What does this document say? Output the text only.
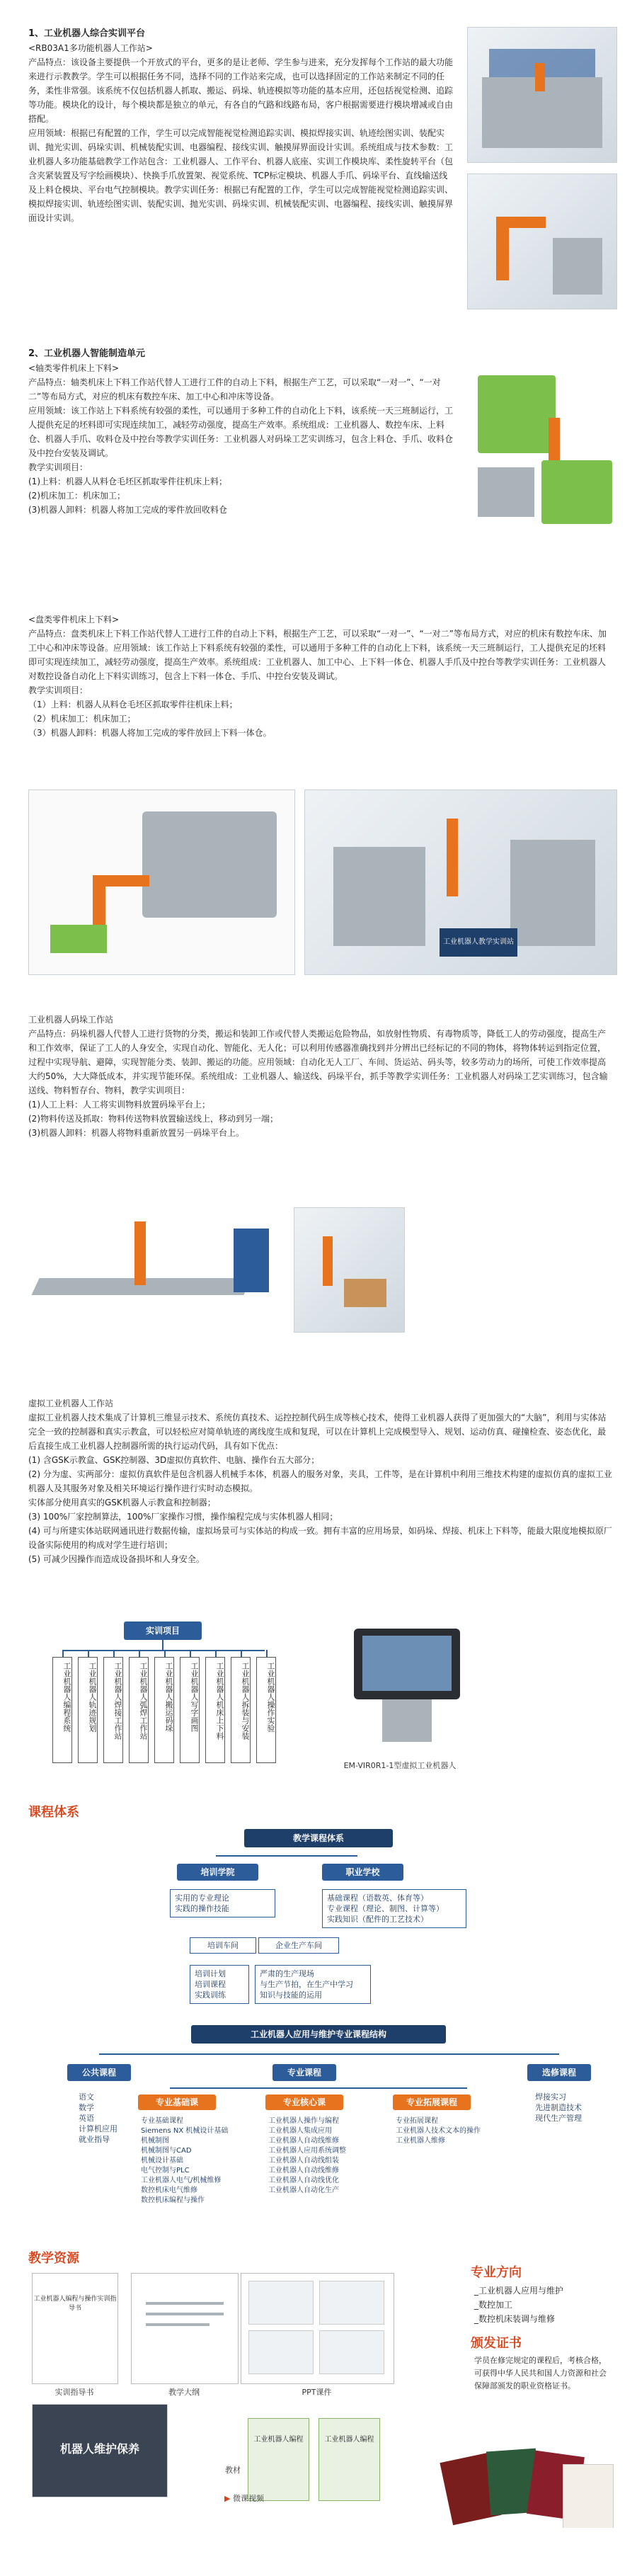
1、工业机器人综合实训平台

<RB03A1多功能机器人工作站>

产品特点：该设备主要提供一个开放式的平台，更多的是让老师、学生参与进来，充分发挥每个工作站的最大功能来进行示教教学。学生可以根据任务不同，选择不同的工作站来完成，也可以选择固定的工作站来制定不同的任务，柔性非常强。该系统不仅包括机器人抓取、搬运、码垛、轨迹模拟等功能的基本应用，还包括视觉检测、追踪等功能。模块化的设计，每个模块都是独立的单元，有各自的气路和线路布局，客户根据需要进行模块增减或自由搭配。

应用领域：根据已有配置的工作，学生可以完成智能视觉检测追踪实训、模拟焊接实训、轨迹绘图实训、装配实训、抛光实训、码垛实训、机械装配实训、电器编程、接线实训、触摸屏界面设计实训。系统组成与技术参数：工业机器人多功能基础教学工作站包含：工业机器人、工作平台、机器人底座、实训工作模块库、柔性旋转平台（包含夹紧装置及写字绘画模块）、快换手爪放置架、视觉系统、TCP标定模块、机器人手爪、码垛平台、直线输送线及上料仓模块、平台电气控制模块。教学实训任务：根据已有配置的工作，学生可以完成智能视觉检测追踪实训、模拟焊接实训、轨迹绘图实训、装配实训、抛光实训、码垛实训、机械装配实训、电器编程、接线实训、触摸屏界面设计实训。

2、工业机器人智能制造单元

<轴类零件机床上下料>

产品特点：轴类机床上下料工作站代替人工进行工件的自动上下料，根据生产工艺，可以采取“一对一”、“一对二”等布局方式，对应的机床有数控车床、加工中心和冲床等设备。

应用领域：该工作站上下料系统有较强的柔性，可以通用于多种工件的自动化上下料，该系统一天三班制运行，工人提供充足的坯料即可实现连续加工，减轻劳动强度，提高生产效率。系统组成：工业机器人、数控车床、上料仓、机器人手爪、收料仓及中控台等教学实训任务：工业机器人对码垛工艺实训练习，包含上料仓、手爪、收料仓及中控台安装及调试。

教学实训项目：

(1)上料：机器人从料仓毛坯区抓取零件往机床上料；

(2)机床加工：机床加工；

(3)机器人卸料：机器人将加工完成的零件放回收料仓

<盘类零件机床上下料>

产品特点：盘类机床上下料工作站代替人工进行工件的自动上下料，根据生产工艺，可以采取“一对一”、“一对二”等布局方式，对应的机床有数控车床、加工中心和冲床等设备。应用领域：该工作站上下料系统有较强的柔性，可以通用于多种工件的自动化上下料，该系统一天三班制运行，工人提供充足的坯料即可实现连续加工，减轻劳动强度，提高生产效率。系统组成：工业机器人、加工中心、上下料一体仓、机器人手爪及中控台等教学实训任务：工业机器人对数控设备自动化上下料实训练习，包含上下料一体仓、手爪、中控台安装及调试。

教学实训项目：

（1）上料：机器人从料仓毛坯区抓取零件往机床上料；

（2）机床加工：机床加工；

（3）机器人卸料：机器人将加工完成的零件放回上下料一体仓。

工业机器人教学实训站

工业机器人码垛工作站

产品特点：码垛机器人代替人工进行货物的分类，搬运和装卸工作或代替人类搬运危险物品，如放射性物质、有毒物质等，降低工人的劳动强度，提高生产和工作效率，保证了工人的人身安全，实现自动化、智能化、无人化；可以利用传感器准确找到并分辨出已经标记的不同的物体，将物体转运到指定位置，过程中实现导航、避障，实现智能分类、装卸、搬运的功能。应用领域：自动化无人工厂、车间、货运站、码头等，较多劳动力的场所，可使工作效率提高大约50%，大大降低成本，并实现节能环保。系统组成：工业机器人、输送线、码垛平台，抓手等教学实训任务：工业机器人对码垛工艺实训练习，包含输送线、物料暂存台、物料，教学实训项目：

(1)人工上料：人工将实训物料放置码垛平台上；

(2)物料传送及抓取：物料传送物料放置输送线上，移动到另一端；

(3)机器人卸料：机器人将物料重新放置另一码垛平台上。

虚拟工业机器人工作站

虚拟工业机器人技术集成了计算机三维显示技术、系统仿真技术、运控控制代码生成等核心技术，使得工业机器人获得了更加强大的“大脑”，利用与实体站完全一致的控制器和真实示教盒，可以轻松应对简单轨迹的离线度生成和复现，可以在计算机上完成模型导入、规划、运动仿真、碰撞检查、姿态优化，最后直接生成工业机器人控制器所需的执行运动代码，具有如下优点：

(1) 含GSK示教盒、GSK控制器、3D虚拟仿真软件、电脑、操作台五大部分；

(2) 分为虚、实两部分：虚拟仿真软件是包含机器人机械手本体，机器人的服务对象，夹具，工件等，是在计算机中利用三维技术构建的虚拟仿真的虚拟工业机器人及其服务对象及相关环境运行操作进行实时动态模拟。

实体部分使用真实的GSK机器人示教盒和控制器；

(3) 100%厂家控制算法，100%厂家操作习惯，操作编程完成与实体机器人相同；

(4) 可与所建实体站联网通讯进行数据传输，虚拟场景可与实体站的构成一致。拥有丰富的应用场景，如码垛、焊接、机床上下料等，能最大限度地模拟原厂设备实际使用的构成对学生进行培训；

(5) 可减少因操作而造成设备损坏和人身安全。

实训项目
工业机器人编程系统	工业机器人轨迹规划	工业机器人焊接工作站	工业机器人弧焊工作站	工业机器人搬运码垛	工业机器人写字画图	工业机器人机床上下料	工业机器人拆装与安装	工业机器人操作实验
EM-VIR0R1-1型虚拟工业机器人
课程体系
教学课程体系
培训学院	职业学校
实用的专业理论
实践的操作技能
基础课程（语数英、体育等）
专业课程（理论、制图、计算等）
实践知识（配件的工艺技术）
培训车间	企业生产车间
培训计划
培训课程
实践训练
严肃的生产现场
与生产节拍，在生产中学习
知识与技能的运用
工业机器人应用与维护专业课程结构
公共课程	专业课程	选修课程
语文
数学
英语
计算机应用
就业指导
专业基础课	专业核心课	专业拓展课程
专业基础课程
Siemens NX 机械设计基础
机械制图
机械制图与CAD
机械设计基础
电气控制与PLC
工业机器人电气/机械维修
数控机床电气维修
数控机床编程与操作
工业机器人操作与编程
工业机器人集成应用
工业机器人自动线维修
工业机器人应用系统调整
工业机器人自动线组装
工业机器人自动线维修
工业机器人自动线优化
工业机器人自动化生产
专业拓展课程
工业机器人技术文本的操作
工业机器人维修
焊接实习
先进制造技术
现代生产管理
教学资源
工业机器人编程与操作实训指导书
实训指导书	教学大纲	PPT课件
机器人维护保养
工业机器人编程	工业机器人编程
教材
▶ 微课视频
专业方向
_工业机器人应用与维护
_数控加工
_数控机床装调与维修
颁发证书
学员在修完规定的课程后，考核合格，可获得中华人民共和国人力资源和社会保障部颁发的职业资格证书。
